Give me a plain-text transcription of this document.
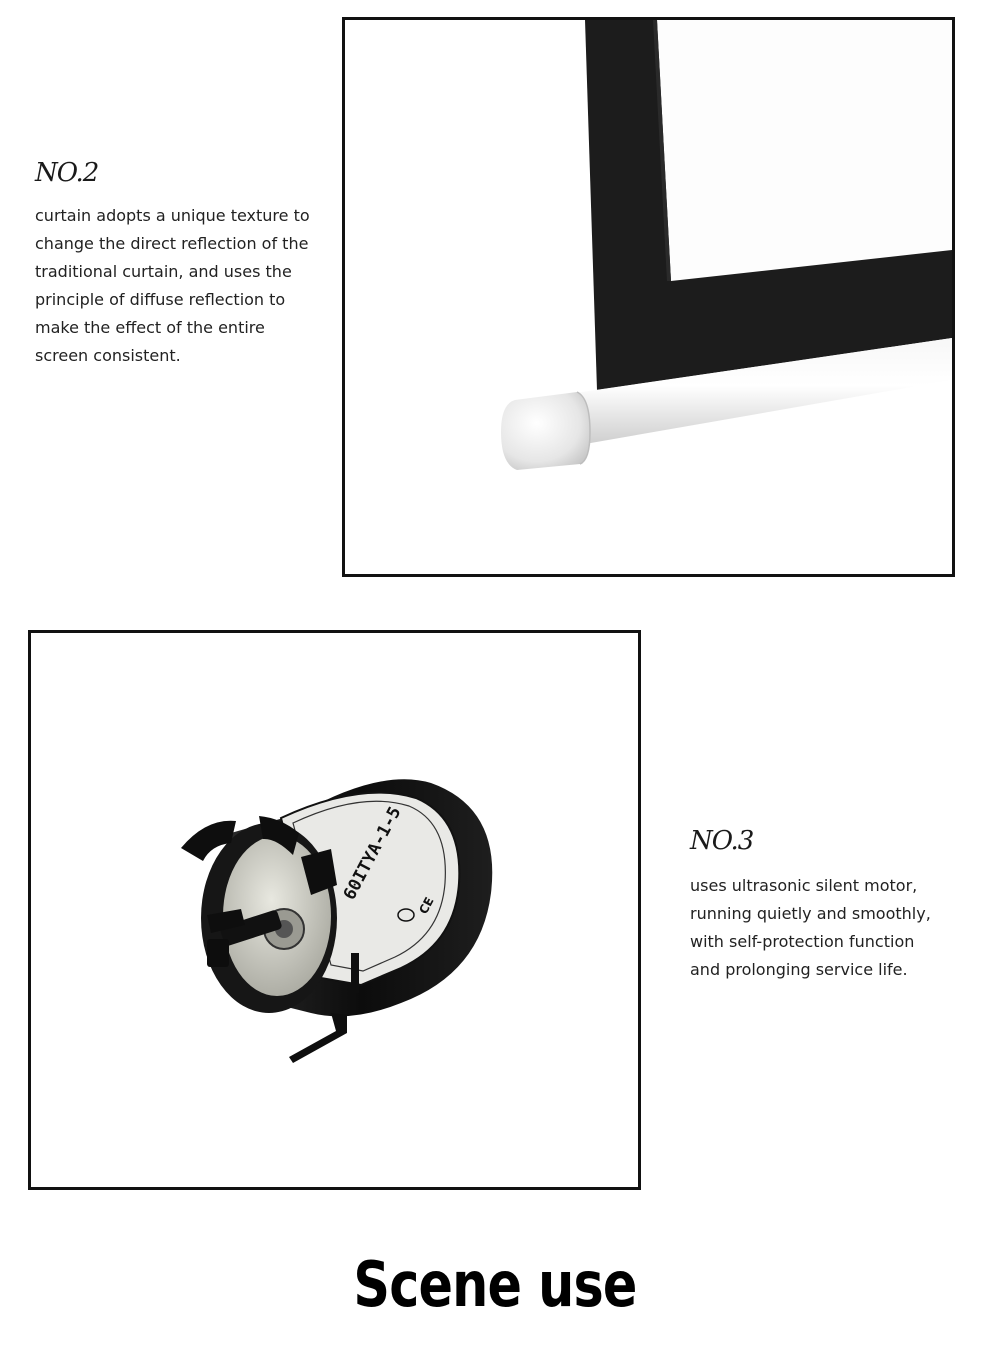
NO.2

curtain adopts a unique texture to
change the direct reflection of the
traditional curtain, and uses the
principle of diffuse reflection to
make the effect of the entire
screen consistent.

60ITYA-1-5
CE
NO.3

uses ultrasonic silent motor,
running quietly and smoothly,
with self-protection function
and prolonging service life.

Scene use
